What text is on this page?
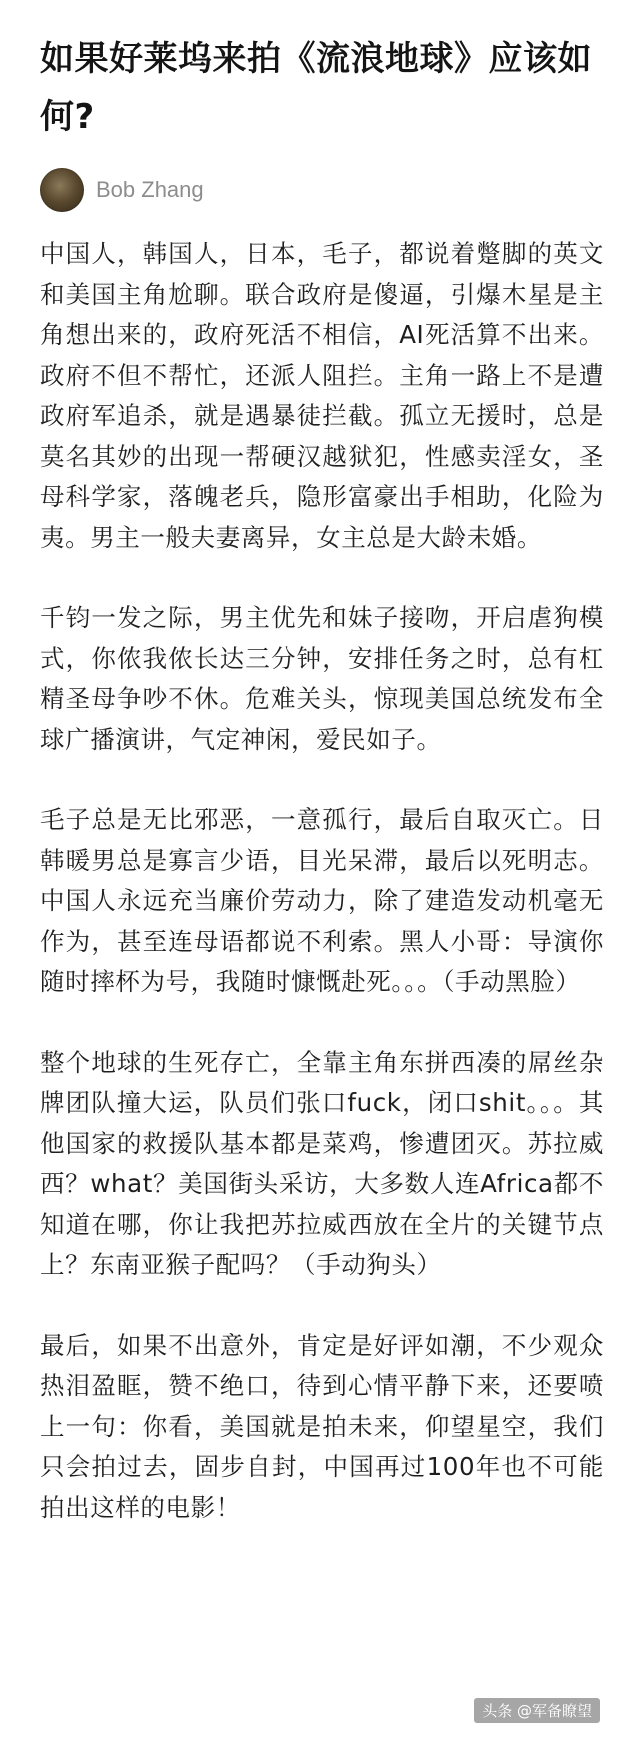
如果好莱坞来拍《流浪地球》应该如何?
Bob Zhang

中国人，韩国人，日本，毛子，都说着蹩脚的英文和美国主角尬聊。联合政府是傻逼，引爆木星是主角想出来的，政府死活不相信，AI死活算不出来。政府不但不帮忙，还派人阻拦。主角一路上不是遭政府军追杀，就是遇暴徒拦截。孤立无援时，总是莫名其妙的出现一帮硬汉越狱犯，性感卖淫女，圣母科学家，落魄老兵，隐形富豪出手相助，化险为夷。男主一般夫妻离异，女主总是大龄未婚。

千钧一发之际，男主优先和妹子接吻，开启虐狗模式，你侬我侬长达三分钟，安排任务之时，总有杠精圣母争吵不休。危难关头，惊现美国总统发布全球广播演讲，气定神闲，爱民如子。

毛子总是无比邪恶，一意孤行，最后自取灭亡。日韩暖男总是寡言少语，目光呆滞，最后以死明志。中国人永远充当廉价劳动力，除了建造发动机毫无作为，甚至连母语都说不利索。黑人小哥：导演你随时摔杯为号，我随时慷慨赴死。。。（手动黑脸）

整个地球的生死存亡，全靠主角东拼西凑的屌丝杂牌团队撞大运，队员们张口fuck，闭口shit。。。其他国家的救援队基本都是菜鸡，惨遭团灭。苏拉威西？what？美国街头采访，大多数人连Africa都不知道在哪，你让我把苏拉威西放在全片的关键节点上？东南亚猴子配吗？（手动狗头）

最后，如果不出意外，肯定是好评如潮，不少观众热泪盈眶，赞不绝口，待到心情平静下来，还要喷上一句：你看，美国就是拍未来，仰望星空，我们只会拍过去，固步自封，中国再过100年也不可能拍出这样的电影！

头条 @军备瞭望
